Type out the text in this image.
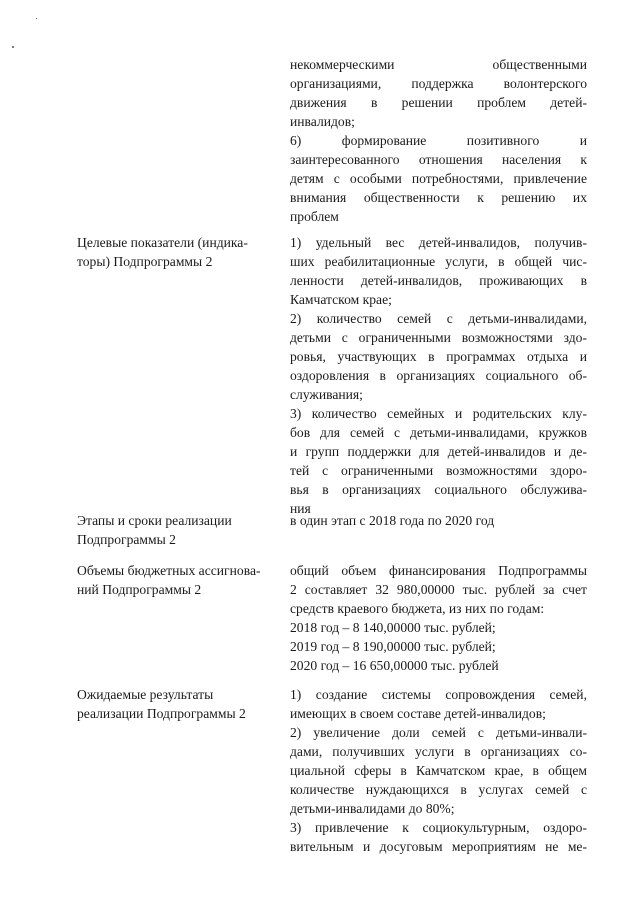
некоммерческими общественными
организациями, поддержка волонтерского
движения в решении проблем детей-
инвалидов;
6) формирование позитивного и
заинтересованного отношения населения к
детям с особыми потребностями, привлечение
внимания общественности к решению их
проблем
Целевые показатели (индика-
торы) Подпрограммы 2
1) удельный вес детей-инвалидов, получив-
ших реабилитационные услуги, в общей чис-
ленности детей-инвалидов, проживающих в
Камчатском крае;
2) количество семей с детьми-инвалидами,
детьми с ограниченными возможностями здо-
ровья, участвующих в программах отдыха и
оздоровления в организациях социального об-
служивания;
3) количество семейных и родительских клу-
бов для семей с детьми-инвалидами, кружков
и групп поддержки для детей-инвалидов и де-
тей с ограниченными возможностями здоро-
вья в организациях социального обслужива-
ния
Этапы и сроки реализации
Подпрограммы 2
в один этап с 2018 года по 2020 год
Объемы бюджетных ассигнова-
ний Подпрограммы 2
общий объем финансирования Подпрограммы
2 составляет 32 980,00000 тыс. рублей за счет
средств краевого бюджета, из них по годам:
2018 год – 8 140,00000 тыс. рублей;
2019 год – 8 190,00000 тыс. рублей;
2020 год – 16 650,00000 тыс. рублей
Ожидаемые результаты
реализации Подпрограммы 2
1) создание системы сопровождения семей,
имеющих в своем составе детей-инвалидов;
2) увеличение доли семей с детьми-инвали-
дами, получивших услуги в организациях со-
циальной сферы в Камчатском крае, в общем
количестве нуждающихся в услугах семей с
детьми-инвалидами до 80%;
3) привлечение к социокультурным, оздоро-
вительным и досуговым мероприятиям не ме-
